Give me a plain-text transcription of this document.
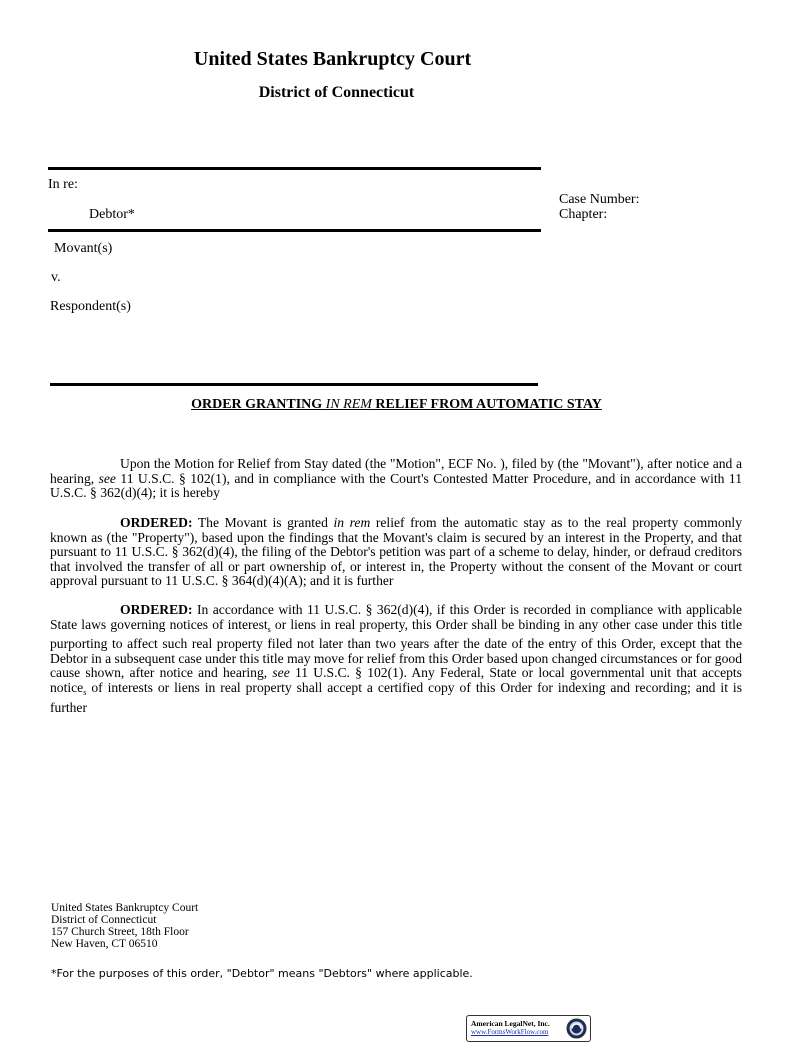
United States Bankruptcy Court
District of Connecticut
In re:
Debtor*
Case Number:
Chapter:
Movant(s)
v.
Respondent(s)
ORDER GRANTING IN REM RELIEF FROM AUTOMATIC STAY
Upon the Motion for Relief from Stay dated (the "Motion", ECF No. ), filed by (the "Movant"), after notice and a hearing, see 11 U.S.C. § 102(1), and in compliance with the Court's Contested Matter Procedure, and in accordance with 11 U.S.C. § 362(d)(4); it is hereby
ORDERED: The Movant is granted in rem relief from the automatic stay as to the real property commonly known as (the "Property"), based upon the findings that the Movant's claim is secured by an interest in the Property, and that pursuant to 11 U.S.C. § 362(d)(4), the filing of the Debtor's petition was part of a scheme to delay, hinder, or defraud creditors that involved the transfer of all or part ownership of, or interest in, the Property without the consent of the Movant or court approval pursuant to 11 U.S.C. § 364(d)(4)(A); and it is further
ORDERED: In accordance with 11 U.S.C. § 362(d)(4), if this Order is recorded in compliance with applicable State laws governing notices of interest$_s$ or liens in real property, this Order shall be binding in any other case under this title purporting to affect such real property filed not later than two years after the date of the entry of this Order, except that the Debtor in a subsequent case under this title may move for relief from this Order based upon changed circumstances or for good cause shown, after notice and hearing, see 11 U.S.C. § 102(1). Any Federal, State or local governmental unit that accepts notice$_s$ of interests or liens in real property shall accept a certified copy of this Order for indexing and recording; and it is further
United States Bankruptcy Court
District of Connecticut
157 Church Street, 18th Floor
New Haven, CT 06510
*For the purposes of this order, "Debtor" means "Debtors" where applicable.
American LegalNet, Inc.
www.FormsWorkFlow.com
